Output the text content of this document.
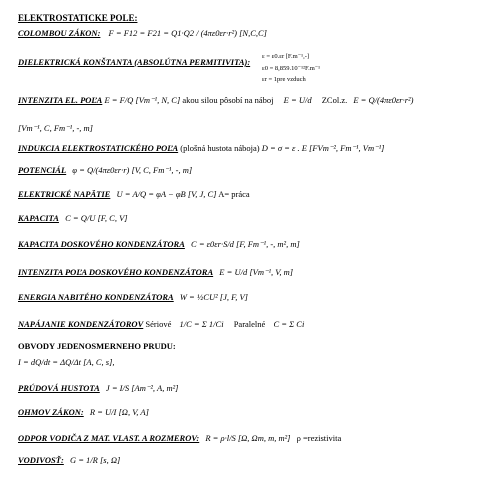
ELEKTROSTATICKE POLE:
COLOMBOU ZÁKON: F = F12 = F21 = Q1·Q2 / (4πε0εr·r²) [N,C,C]
DIELEKTRICKÁ KONŠTANTA (ABSOLÚTNA PERMITIVITA):
ε = ε0.εr [F.m⁻¹,-]
ε0 = 8,859.10⁻¹²F.m⁻¹
εr = 1pre vzduch
INTENZITA EL. POĽA E = F/Q [Vm⁻¹, N, C] akou silou pôsobí na náboj E = U/d ZCol.z. E = Q/(4πε0εr·r²)
[Vm⁻¹, C, Fm⁻¹, -, m]
INDUKCIA ELEKTROSTATICKÉHO POĽA (plošná hustota náboja) D = σ = ε . E [FVm⁻², Fm⁻¹, Vm⁻¹]
POTENCIÁL φ = Q/(4πε0εr·r) [V, C, Fm⁻¹, -, m]
ELEKTRICKÉ NAPÄTIE U = A/Q = φA − φB [V, J, C] A= práca
KAPACITA C = Q/U [F, C, V]
KAPACITA DOSKOVÉHO KONDENZÁTORA C = ε0εr·S/d [F, Fm⁻¹, -, m², m]
INTENZITA POĽA DOSKOVÉHO KONDENZÁTORA E = U/d [Vm⁻¹, V, m]
ENERGIA NABITÉHO KONDENZÁTORA W = ½CU² [J, F, V]
NAPÁJANIE KONDENZÁTOROV Sériové 1/C = Σ 1/Ci Paralelné C = Σ Ci
OBVODY JEDENOSMERNEHO PRUDU:
I = dQ/dt = ΔQ/Δt [A, C, s],
PRÚDOVÁ HUSTOTA J = I/S [Am⁻², A, m²]
OHMOV ZÁKON: R = U/I [Ω, V, A]
ODPOR VODIČA Z MAT. VLAST. A ROZMEROV: R = ρ·l/S [Ω, Ωm, m, m²] ρ =rezistivita
VODIVOSŤ: G = 1/R [s, Ω]
